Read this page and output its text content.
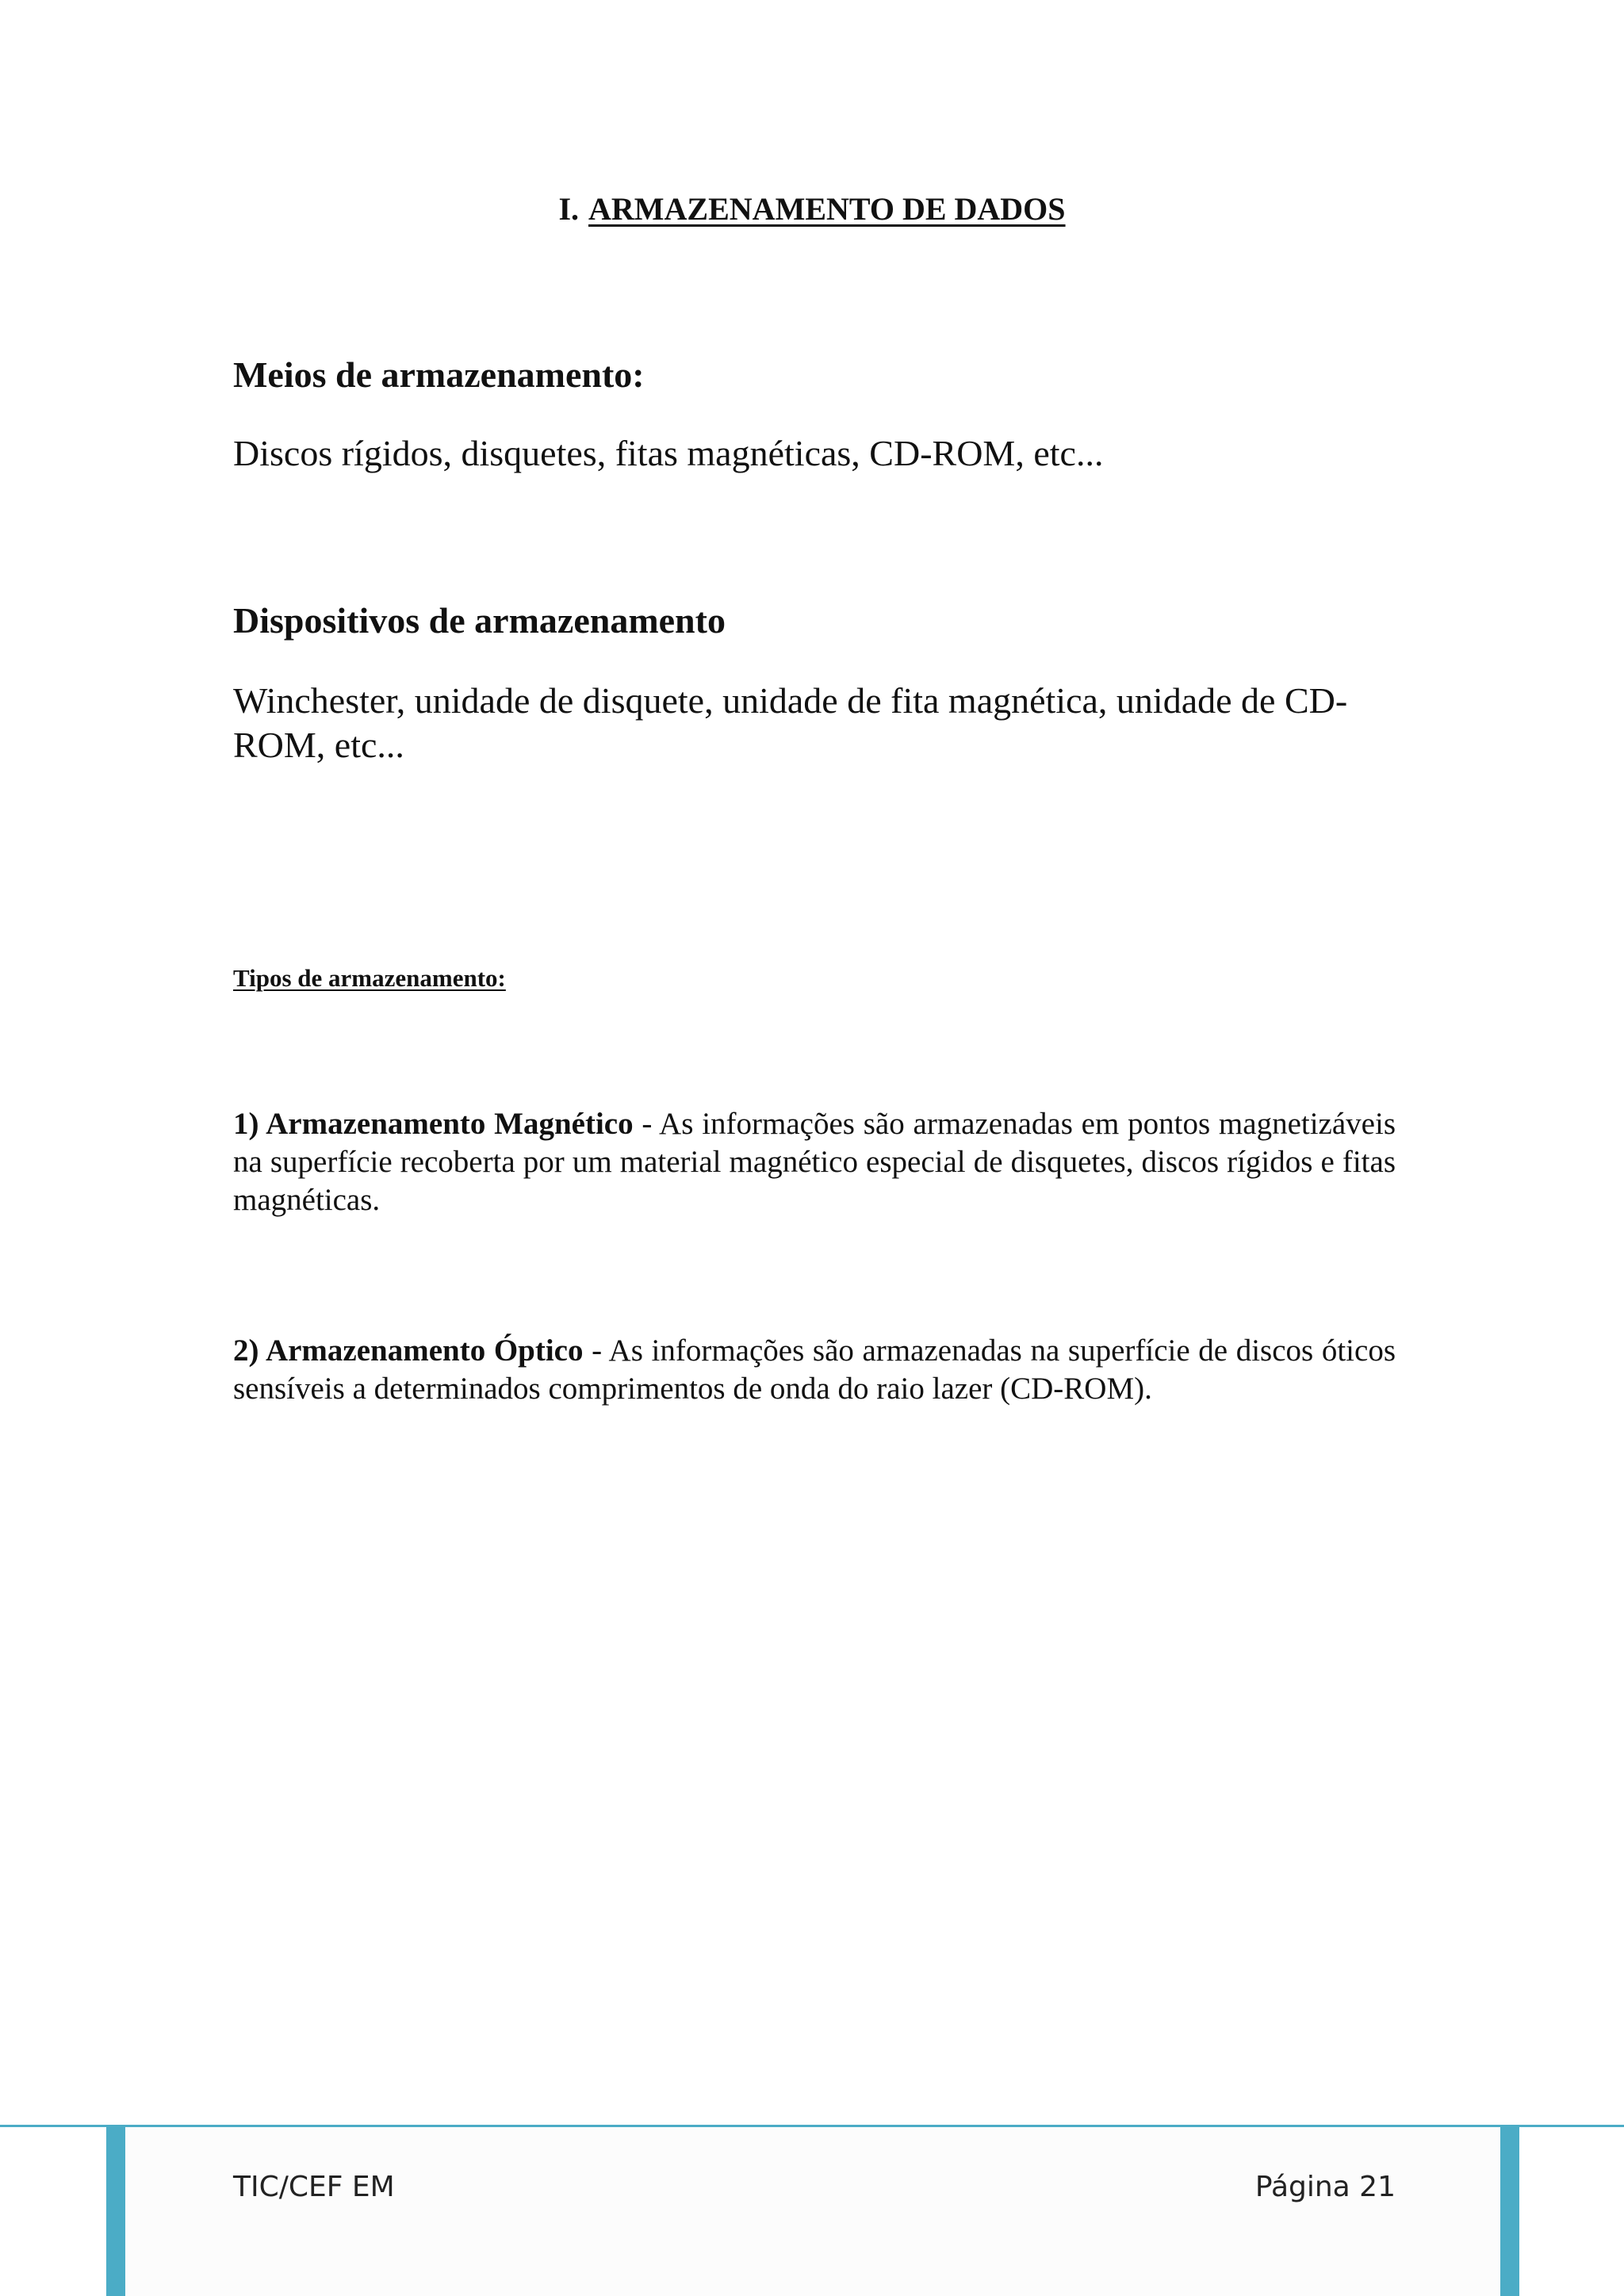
I. ARMAZENAMENTO DE DADOS
Meios de armazenamento:

Discos rígidos, disquetes, fitas magnéticas, CD-ROM, etc...

Dispositivos de armazenamento

Winchester, unidade de disquete, unidade de fita magnética, unidade de CD-ROM, etc...

Tipos de armazenamento:

1) Armazenamento Magnético - As informações são armazenadas em pontos magnetizáveis na superfície recoberta por um material magnético especial de disquetes, discos rígidos e fitas magnéticas.

2) Armazenamento Óptico - As informações são armazenadas na superfície de discos óticos sensíveis a determinados comprimentos de onda do raio lazer (CD-ROM).

TIC/CEF EM	Página 21
